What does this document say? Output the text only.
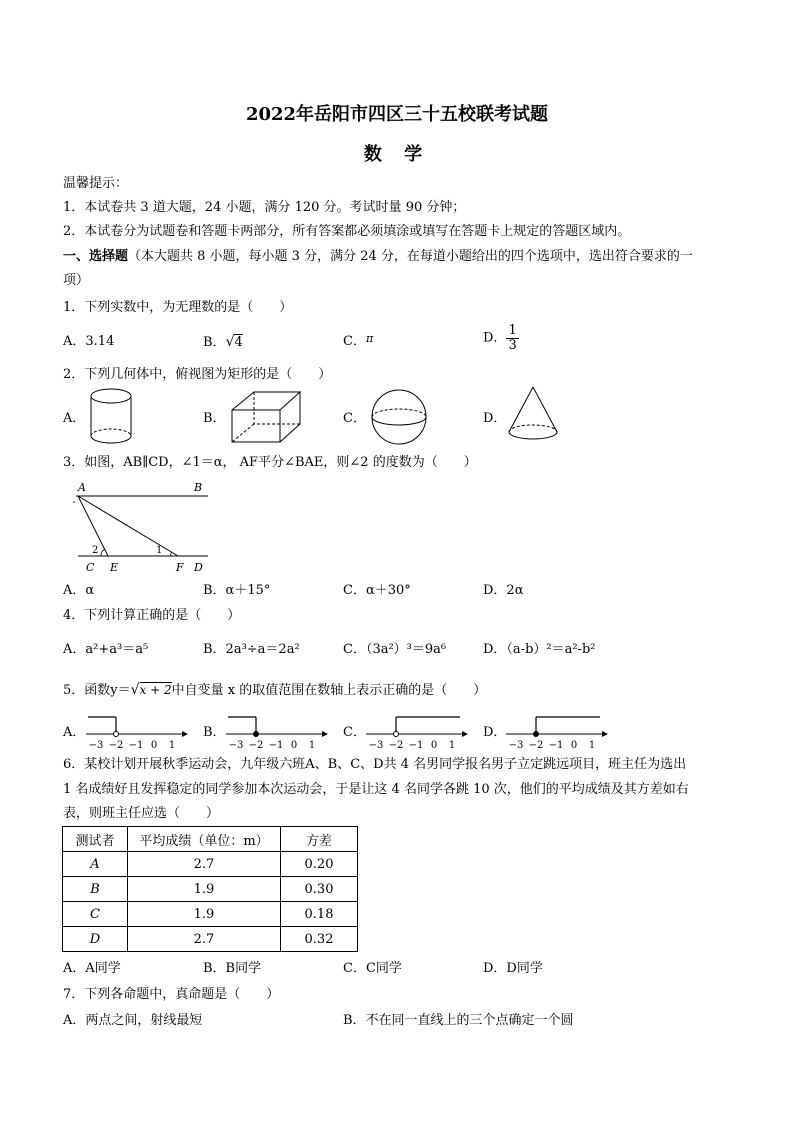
2022年岳阳市四区三十五校联考试题
数 学
温馨提示：
1．本试卷共 3 道大题，24 小题，满分 120 分。考试时量 90 分钟；
2．本试卷分为试题卷和答题卡两部分，所有答案都必须填涂或填写在答题卡上规定的答题区域内。
一、选择题（本大题共 8 小题，每小题 3 分，满分 24 分，在每道小题给出的四个选项中，选出符合要求的一
项）
1．下列实数中，为无理数的是（　　）
A．3.14	B．√4	C．$^\pi$	D． $\frac{1}{3}$
2．下列几何体中，俯视图为矩形的是（　　）
A．	B．	C．	D．
3．如图，AB∥CD，∠1＝α， AF平分∠BAE，则∠2 的度数为（　　）
A	B
2	1
C E	F D
A．α	B．α＋15°	C．α＋30°	D．2α
4．下列计算正确的是（　　）
A．a²+a³＝a⁵	B．2a³÷a＝2a²	C．（3a²）³＝9a⁶	D．（a-b）²＝a²-b²
5．函数y＝√x + 2中自变量 x 的取值范围在数轴上表示正确的是（　　）
A．	B．	C．	D．
−3 −2 −1 0 1	−3 −2 −1 0 1	−3 −2 −1 0 1	−3 −2 −1 0 1
6．某校计划开展秋季运动会，九年级六班A、B、C、D共 4 名男同学报名男子立定跳远项目，班主任为选出
1 名成绩好且发挥稳定的同学参加本次运动会，于是让这 4 名同学各跳 10 次，他们的平均成绩及其方差如右
表，则班主任应选（　　）
测试者	平均成绩（单位：m）	方差
A	2.7	0.20
B	1.9	0.30
C	1.9	0.18
D	2.7	0.32
A．A同学	B．B同学	C．C同学	D．D同学
7．下列各命题中，真命题是（　　）
A．两点之间，射线最短	B．不在同一直线上的三个点确定一个圆
